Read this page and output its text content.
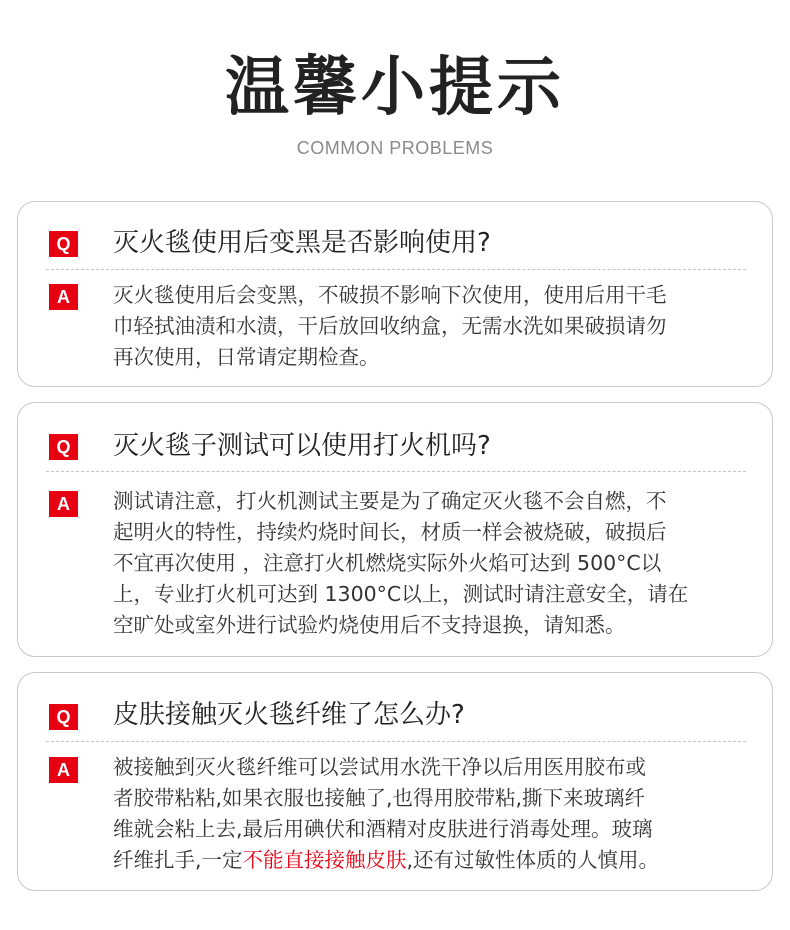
温馨小提示
COMMON PROBLEMS
Q 灭火毯使用后变黑是否影响使用?
A	灭火毯使用后会变黑，不破损不影响下次使用，使用后用干毛
巾轻拭油渍和水渍，干后放回收纳盒，无需水洗如果破损请勿
再次使用，日常请定期检查。
Q 灭火毯子测试可以使用打火机吗?
A	测试请注意，打火机测试主要是为了确定灭火毯不会自燃，不
起明火的特性，持续灼烧时间长，材质一样会被烧破，破损后
不宜再次使用 ，注意打火机燃烧实际外火焰可达到 500°C以
上，专业打火机可达到 1300°C以上，测试时请注意安全，请在
空旷处或室外进行试验灼烧使用后不支持退换，请知悉。
Q 皮肤接触灭火毯纤维了怎么办?
A	被接触到灭火毯纤维可以尝试用水洗干净以后用医用胶布或
者胶带粘粘,如果衣服也接触了,也得用胶带粘,撕下来玻璃纤
维就会粘上去,最后用碘伏和酒精对皮肤进行消毒处理。玻璃
纤维扎手,一定不能直接接触皮肤,还有过敏性体质的人慎用。
